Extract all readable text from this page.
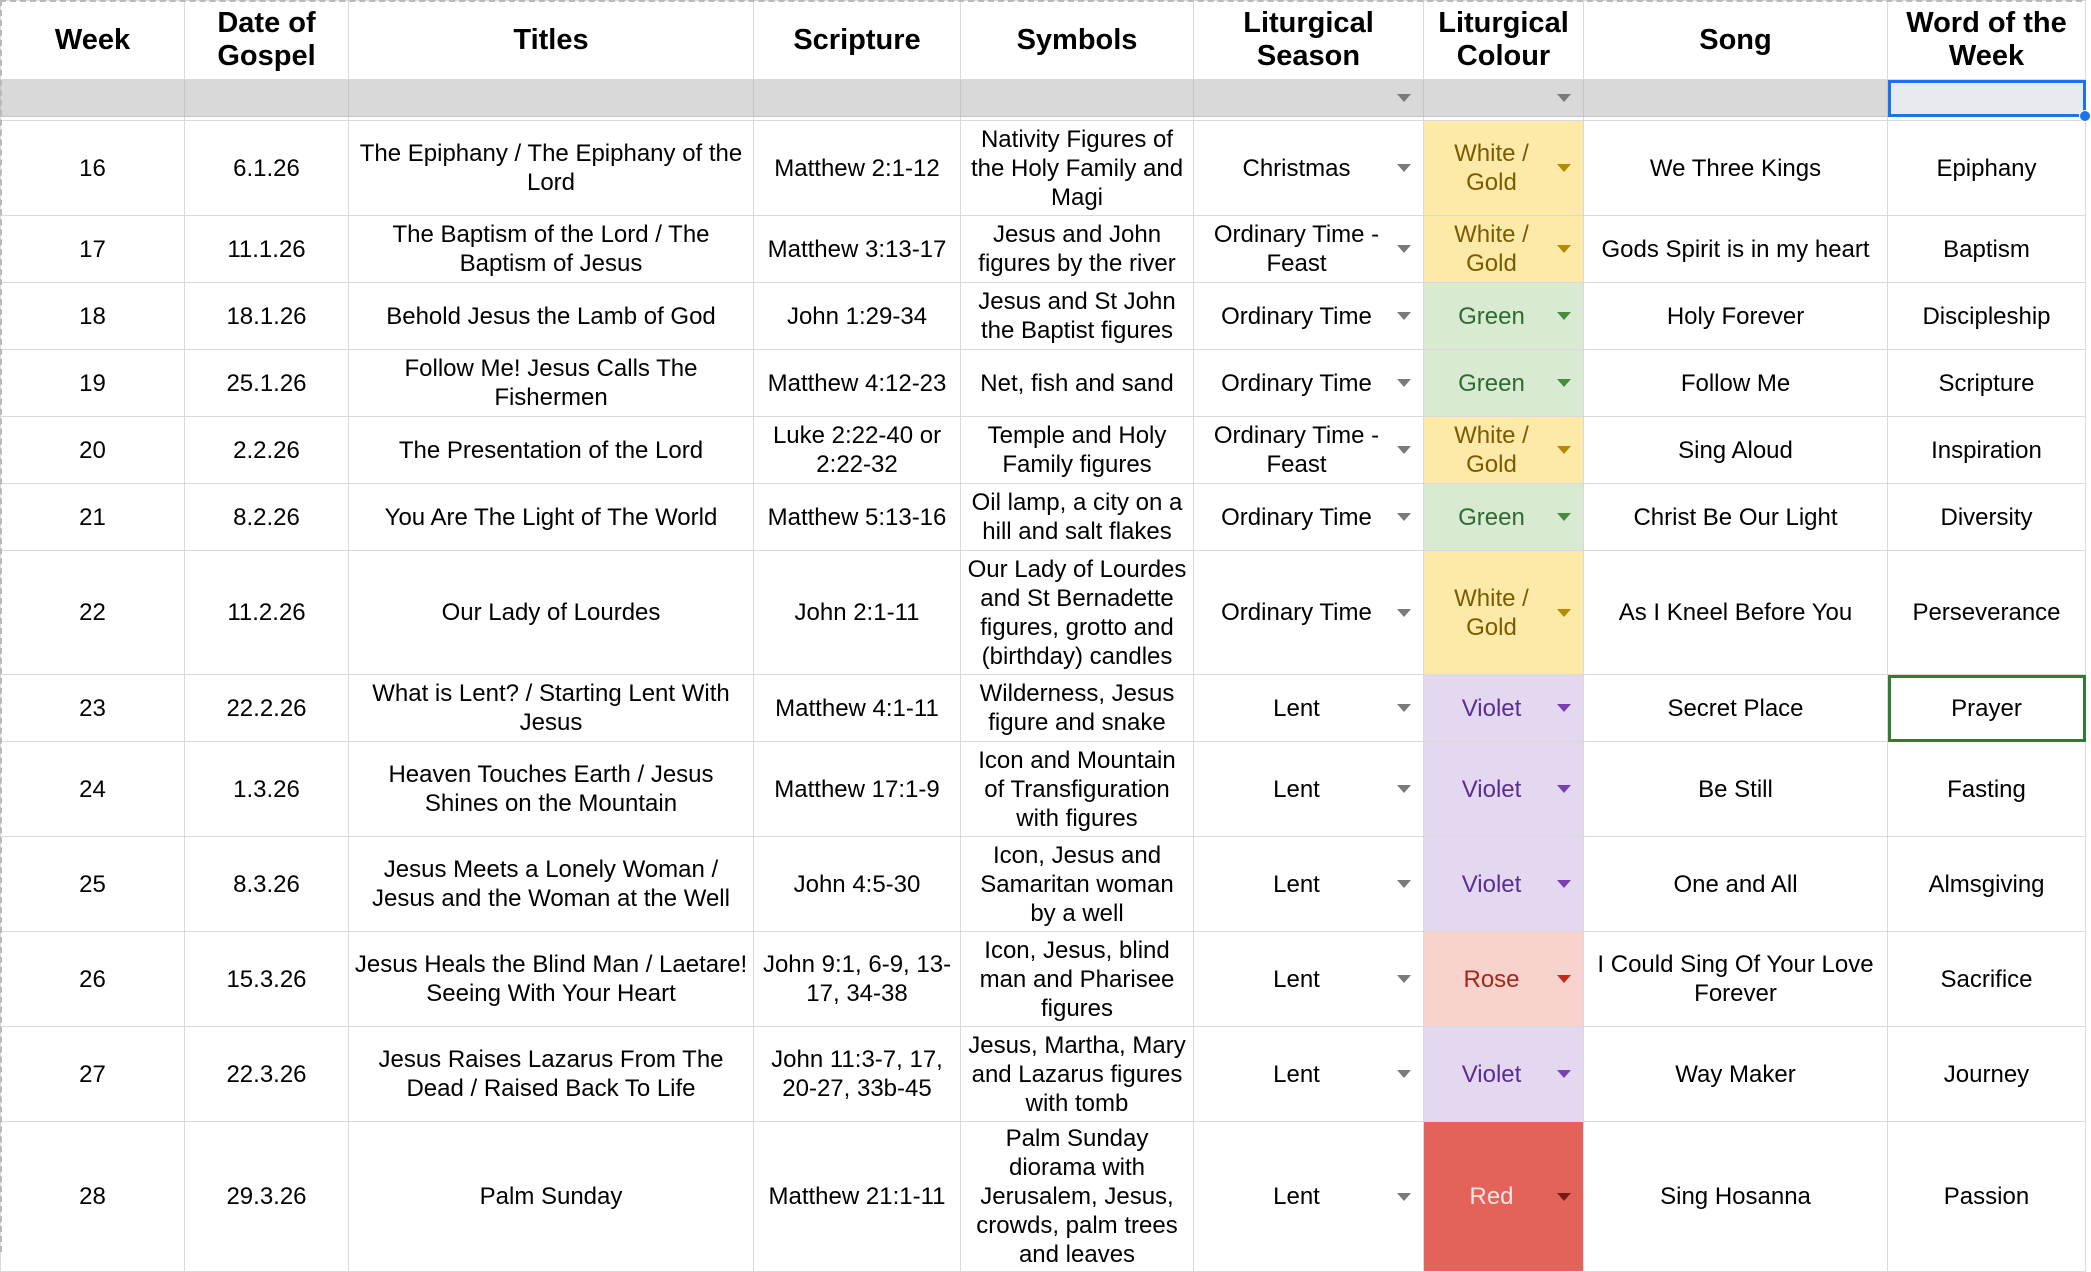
Week	Date of Gospel	Titles	Scripture	Symbols	Liturgical Season	Liturgical Colour	Song	Word of the Week

16	6.1.26	The Epiphany / The Epiphany of the Lord	Matthew 2:1-12	Nativity Figures of the Holy Family and Magi	Christmas	White / Gold	We Three Kings	Epiphany
17	11.1.26	The Baptism of the Lord / The Baptism of Jesus	Matthew 3:13-17	Jesus and John figures by the river	Ordinary Time - Feast	White / Gold	Gods Spirit is in my heart	Baptism
18	18.1.26	Behold Jesus the Lamb of God	John 1:29-34	Jesus and St John the Baptist figures	Ordinary Time	Green	Holy Forever	Discipleship
19	25.1.26	Follow Me! Jesus Calls The Fishermen	Matthew 4:12-23	Net, fish and sand	Ordinary Time	Green	Follow Me	Scripture
20	2.2.26	The Presentation of the Lord	Luke 2:22-40 or 2:22-32	Temple and Holy Family figures	Ordinary Time - Feast	White / Gold	Sing Aloud	Inspiration
21	8.2.26	You Are The Light of The World	Matthew 5:13-16	Oil lamp, a city on a hill and salt flakes	Ordinary Time	Green	Christ Be Our Light	Diversity
22	11.2.26	Our Lady of Lourdes	John 2:1-11	Our Lady of Lourdes and St Bernadette figures, grotto and (birthday) candles	Ordinary Time	White / Gold	As I Kneel Before You	Perseverance
23	22.2.26	What is Lent? / Starting Lent With Jesus	Matthew 4:1-11	Wilderness, Jesus figure and snake	Lent	Violet	Secret Place	Prayer
24	1.3.26	Heaven Touches Earth / Jesus Shines on the Mountain	Matthew 17:1-9	Icon and Mountain of Transfiguration with figures	Lent	Violet	Be Still	Fasting
25	8.3.26	Jesus Meets a Lonely Woman / Jesus and the Woman at the Well	John 4:5-30	Icon, Jesus and Samaritan woman by a well	Lent	Violet	One and All	Almsgiving
26	15.3.26	Jesus Heals the Blind Man / Laetare! Seeing With Your Heart	John 9:1, 6-9, 13-17, 34-38	Icon, Jesus, blind man and Pharisee figures	Lent	Rose	I Could Sing Of Your Love Forever	Sacrifice
27	22.3.26	Jesus Raises Lazarus From The Dead / Raised Back To Life	John 11:3-7, 17, 20-27, 33b-45	Jesus, Martha, Mary and Lazarus figures with tomb	Lent	Violet	Way Maker	Journey
28	29.3.26	Palm Sunday	Matthew 21:1-11	Palm Sunday diorama with Jerusalem, Jesus, crowds, palm trees and leaves	Lent	Red	Sing Hosanna	Passion
